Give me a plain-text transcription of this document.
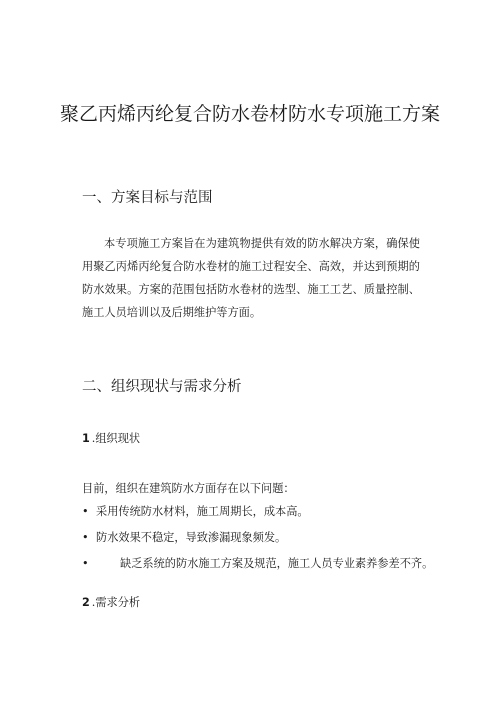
聚乙丙烯丙纶复合防水卷材防水专项施工方案
一、方案目标与范围

本专项施工方案旨在为建筑物提供有效的防水解决方案，确保使用聚乙丙烯丙纶复合防水卷材的施工过程安全、高效，并达到预期的防水效果。方案的范围包括防水卷材的选型、施工工艺、质量控制、施工人员培训以及后期维护等方面。

二、组织现状与需求分析
1 .组织现状

目前，组织在建筑防水方面存在以下问题：

• 采用传统防水材料，施工周期长，成本高。
• 防水效果不稳定，导致渗漏现象频发。
•	缺乏系统的防水施工方案及规范，施工人员专业素养参差不齐。
2 .需求分析
